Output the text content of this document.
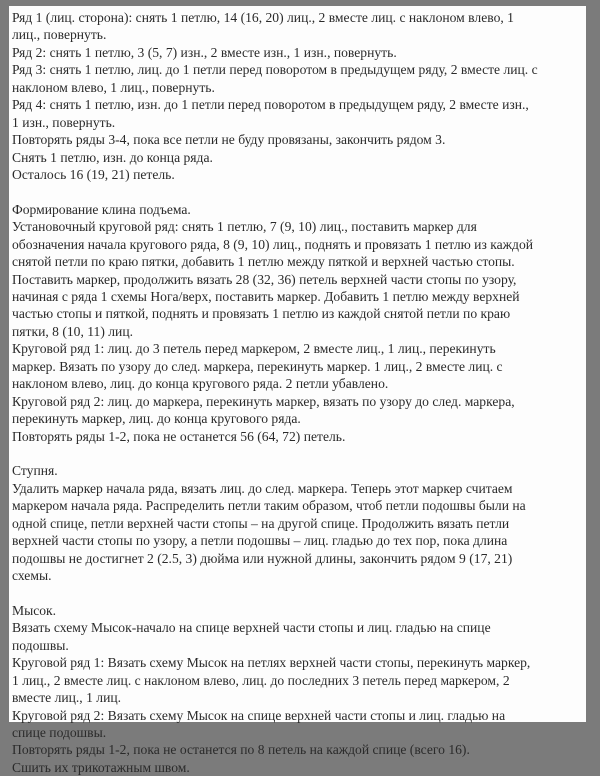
Ряд 1 (лиц. сторона): снять 1 петлю, 14 (16, 20) лиц., 2 вместе лиц. с наклоном влево, 1
лиц., повернуть.
Ряд 2: снять 1 петлю, 3 (5, 7) изн., 2 вместе изн., 1 изн., повернуть.
Ряд 3: снять 1 петлю, лиц. до 1 петли перед поворотом в предыдущем ряду, 2 вместе лиц. с
наклоном влево, 1 лиц., повернуть.
Ряд 4: снять 1 петлю, изн. до 1 петли перед поворотом в предыдущем ряду, 2 вместе изн.,
1 изн., повернуть.
Повторять ряды 3-4, пока все петли не буду провязаны, закончить рядом 3.
Снять 1 петлю, изн. до конца ряда.
Осталось 16 (19, 21) петель.
Формирование клина подъема.
Установочный круговой ряд: снять 1 петлю, 7 (9, 10) лиц., поставить маркер для
обозначения начала кругового ряда, 8 (9, 10) лиц., поднять и провязать 1 петлю из каждой
снятой петли по краю пятки, добавить 1 петлю между пяткой и верхней частью стопы.
Поставить маркер, продолжить вязать 28 (32, 36) петель верхней части стопы по узору,
начиная с ряда 1 схемы Нога/верх, поставить маркер. Добавить 1 петлю между верхней
частью стопы и пяткой, поднять и провязать 1 петлю из каждой снятой петли по краю
пятки, 8 (10, 11) лиц.
Круговой ряд 1: лиц. до 3 петель перед маркером, 2 вместе лиц., 1 лиц., перекинуть
маркер. Вязать по узору до след. маркера, перекинуть маркер. 1 лиц., 2 вместе лиц. с
наклоном влево, лиц. до конца кругового ряда. 2 петли убавлено.
Круговой ряд 2: лиц. до маркера, перекинуть маркер, вязать по узору до след. маркера,
перекинуть маркер, лиц. до конца кругового ряда.
Повторять ряды 1-2, пока не останется 56 (64, 72) петель.
Ступня.
Удалить маркер начала ряда, вязать лиц. до след. маркера. Теперь этот маркер считаем
маркером начала ряда. Распределить петли таким образом, чтоб петли подошвы были на
одной спице, петли верхней части стопы – на другой спице. Продолжить вязать петли
верхней части стопы по узору, а петли подошвы – лиц. гладью до тех пор, пока длина
подошвы не достигнет 2 (2.5, 3) дюйма или нужной длины, закончить рядом 9 (17, 21)
схемы.
Мысок.
Вязать схему Мысок-начало на спице верхней части стопы и лиц. гладью на спице
подошвы.
Круговой ряд 1: Вязать схему Мысок на петлях верхней части стопы, перекинуть маркер,
1 лиц., 2 вместе лиц. с наклоном влево, лиц. до последних 3 петель перед маркером, 2
вместе лиц., 1 лиц.
Круговой ряд 2: Вязать схему Мысок на спице верхней части стопы и лиц. гладью на
спице подошвы.
Повторять ряды 1-2, пока не останется по 8 петель на каждой спице (всего 16).
Сшить их трикотажным швом.
